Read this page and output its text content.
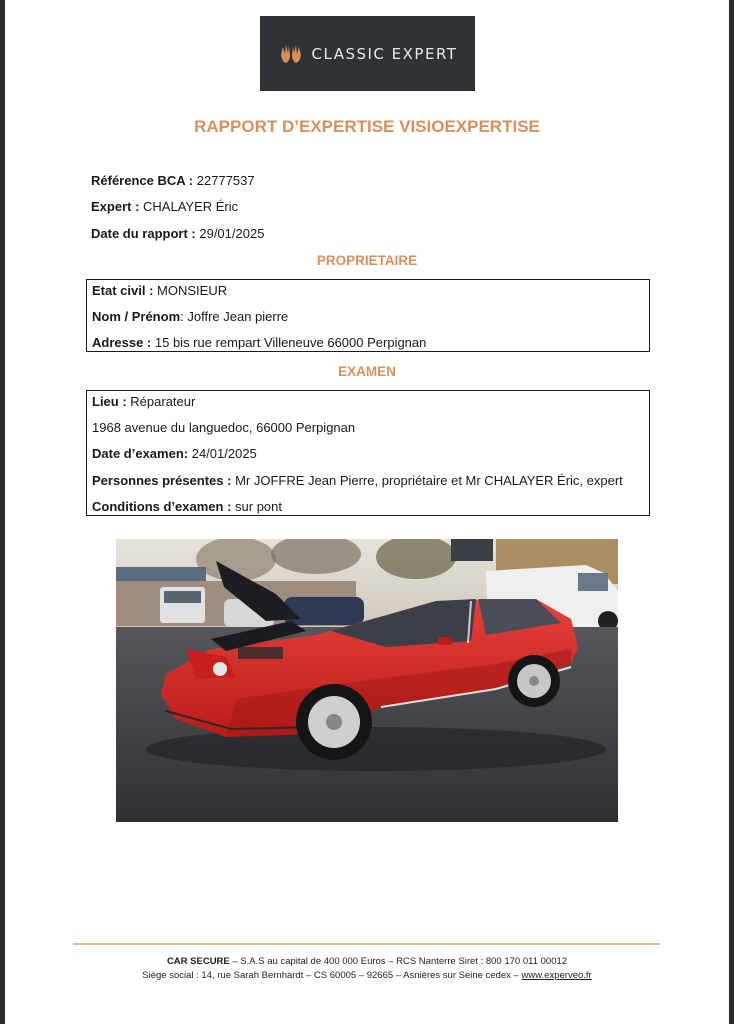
CLASSIC EXPERT
RAPPORT D’EXPERTISE VISIOEXPERTISE
Référence BCA : 22777537
Expert : CHALAYER Éric
Date du rapport : 29/01/2025
PROPRIETAIRE
Etat civil : MONSIEUR
Nom / Prénom: Joffre Jean pierre
Adresse : 15 bis rue rempart Villeneuve 66000 Perpignan
EXAMEN
Lieu : Réparateur
1968 avenue du languedoc, 66000 Perpignan
Date d’examen: 24/01/2025
Personnes présentes : Mr JOFFRE Jean Pierre, propriétaire et Mr CHALAYER Éric, expert
Conditions d’examen : sur pont
CAR SECURE – S.A.S au capital de 400 000 Euros – RCS Nanterre Siret : 800 170 011 00012
Siège social : 14, rue Sarah Bernhardt – CS 60005 – 92665 – Asnières sur Seine cedex – www.experveo.fr
